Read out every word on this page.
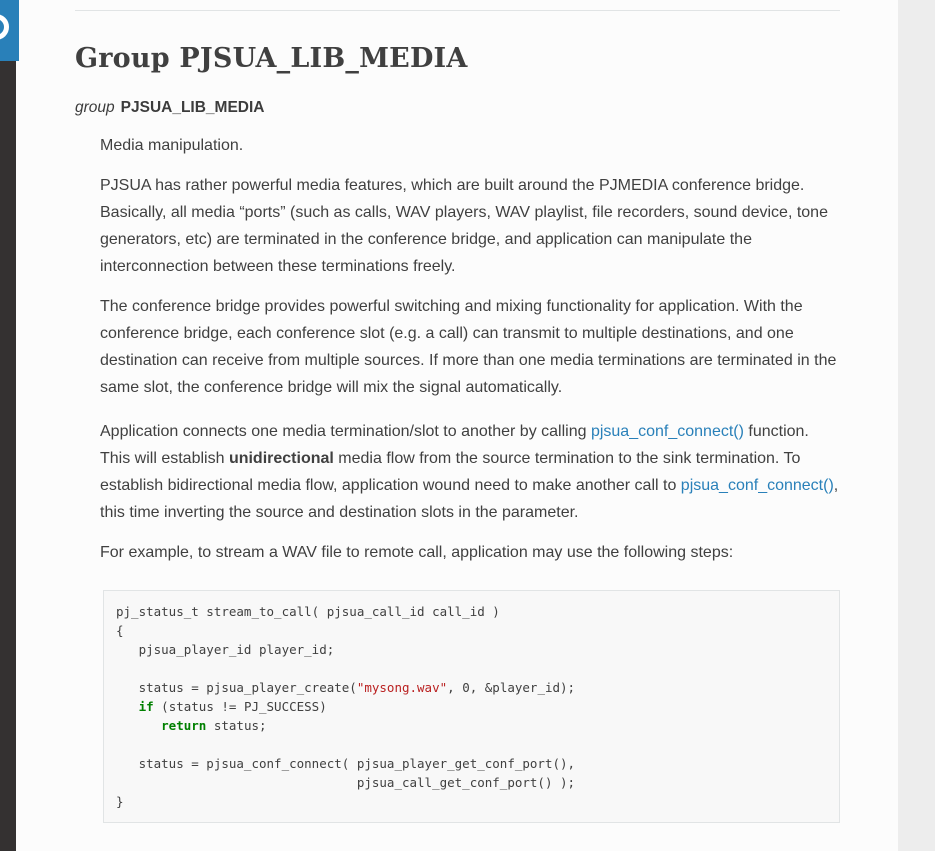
Group PJSUA_LIB_MEDIA
group PJSUA_LIB_MEDIA

Media manipulation.

PJSUA has rather powerful media features, which are built around the PJMEDIA conference bridge. Basically, all media “ports” (such as calls, WAV players, WAV playlist, file recorders, sound device, tone generators, etc) are terminated in the conference bridge, and application can manipulate the interconnection between these terminations freely.

The conference bridge provides powerful switching and mixing functionality for application. With the conference bridge, each conference slot (e.g. a call) can transmit to multiple destinations, and one destination can receive from multiple sources. If more than one media terminations are terminated in the same slot, the conference bridge will mix the signal automatically.

Application connects one media termination/slot to another by calling pjsua_conf_connect() function. This will establish unidirectional media flow from the source termination to the sink termination. To establish bidirectional media flow, application wound need to make another call to pjsua_conf_connect(), this time inverting the source and destination slots in the parameter.

For example, to stream a WAV file to remote call, application may use the following steps:

pj_status_t stream_to_call( pjsua_call_id call_id )
{
pjsua_player_id player_id;

status = pjsua_player_create("mysong.wav", 0, &player_id);
if (status != PJ_SUCCESS)
return status;

status = pjsua_conf_connect( pjsua_player_get_conf_port(),
pjsua_call_get_conf_port() );
}
